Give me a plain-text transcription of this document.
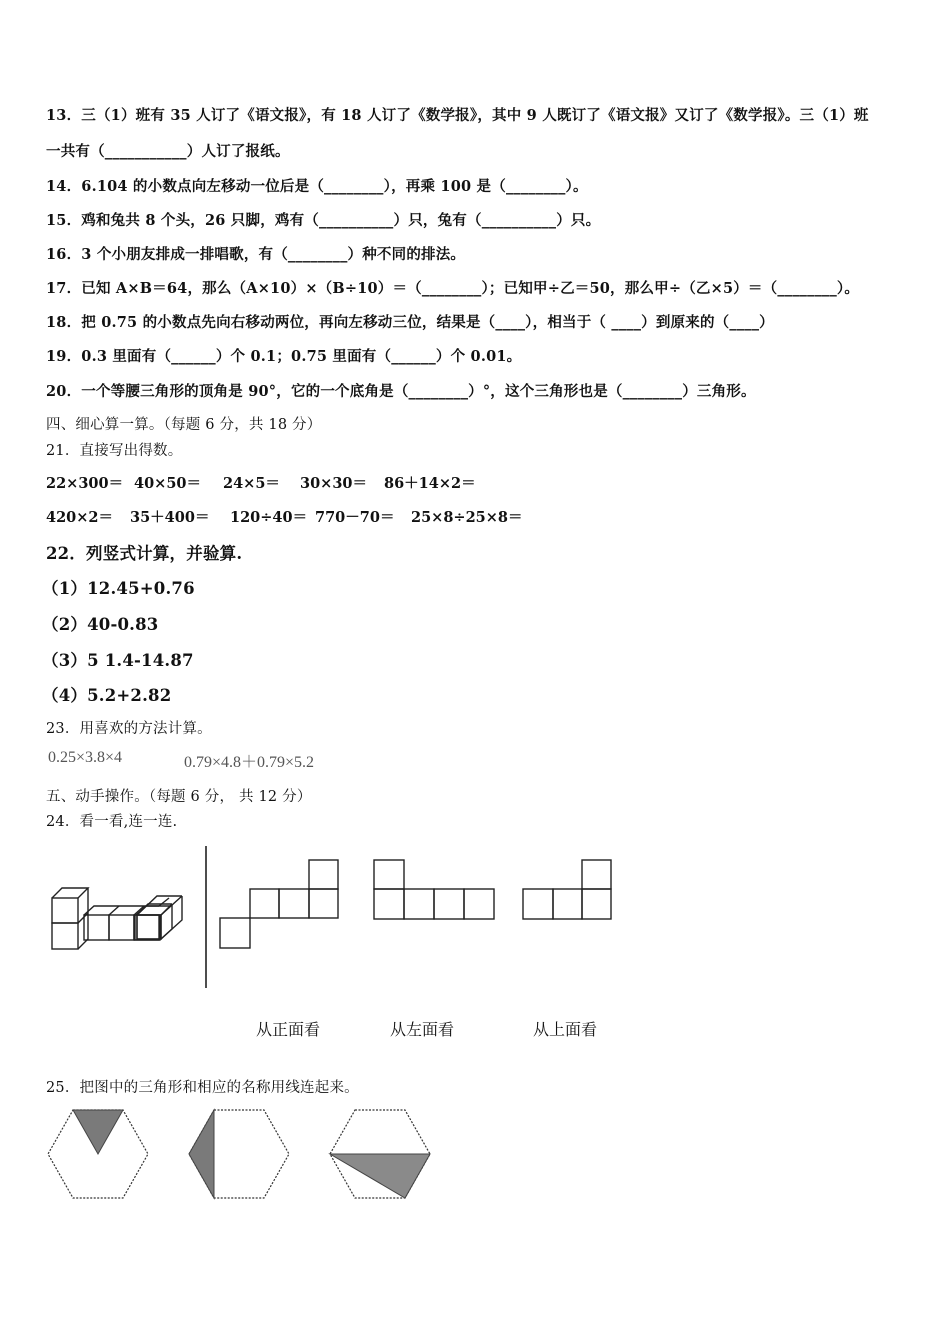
13．三（1）班有 35 人订了《语文报》，有 18 人订了《数学报》，其中 9 人既订了《语文报》又订了《数学报》。三（1）班
一共有（___________）人订了报纸。
14．6.104 的小数点向左移动一位后是（________），再乘 100 是（________）。
15．鸡和兔共 8 个头，26 只脚，鸡有（__________）只，兔有（__________）只。
16．3 个小朋友排成一排唱歌，有（________）种不同的排法。
17．已知 A×B＝64，那么（A×10）×（B÷10）＝（________）；已知甲÷乙＝50，那么甲÷（乙×5）＝（________）。
18．把 0.75 的小数点先向右移动两位，再向左移动三位，结果是（____），相当于（ ____）到原来的（____）
19．0.3 里面有（______）个 0.1；0.75 里面有（______）个 0.01。
20．一个等腰三角形的顶角是 90°，它的一个底角是（________）°，这个三角形也是（________）三角形。
四、细心算一算。（每题 6 分，共 18 分）
21．直接写出得数。
22×300＝ 40×50＝ 24×5＝ 30×30＝ 86＋14×2＝
420×2＝ 35＋400＝ 120÷40＝ 770－70＝ 25×8÷25×8＝
22．列竖式计算，并验算.
（1）12.45+0.76
（2）40-0.83
（3）5 1.4-14.87
（4）5.2+2.82
23．用喜欢的方法计算。
0.25×3.8×4	0.79×4.8＋0.79×5.2
五、动手操作。（每题 6 分， 共 12 分）
24．看一看,连一连.
从正面看	从左面看	从上面看
25．把图中的三角形和相应的名称用线连起来。
